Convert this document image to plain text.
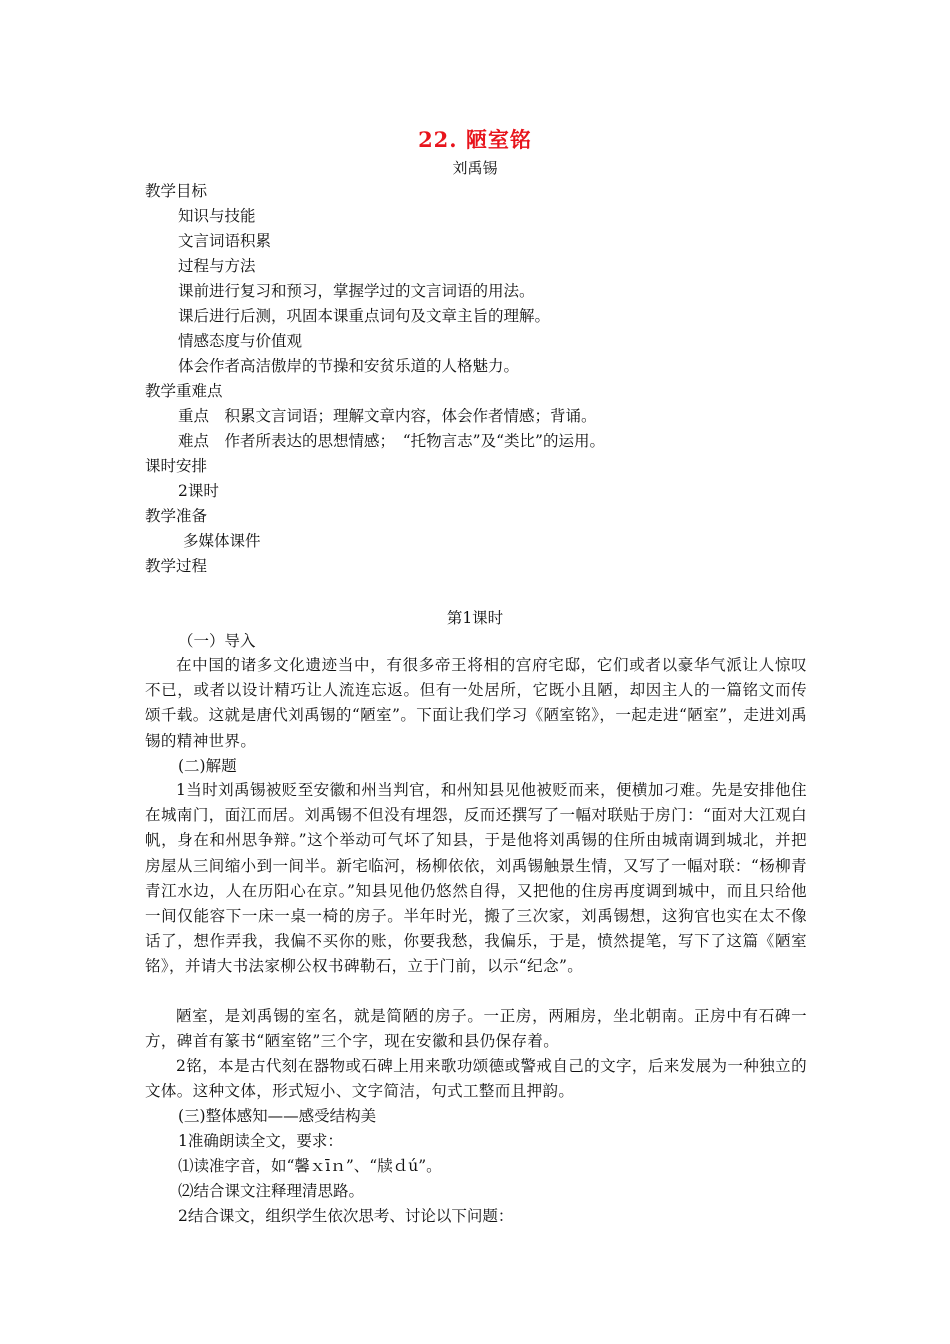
22. 陋室铭
刘禹锡
教学目标
知识与技能
文言词语积累
过程与方法
课前进行复习和预习，掌握学过的文言词语的用法。
课后进行后测，巩固本课重点词句及文章主旨的理解。
情感态度与价值观
体会作者高洁傲岸的节操和安贫乐道的人格魅力。
教学重难点
重点　积累文言词语；理解文章内容，体会作者情感；背诵。
难点　作者所表达的思想情感；　“托物言志”及“类比”的运用。
课时安排
2课时
教学准备
多媒体课件
教学过程
第1课时
（一）导入
在中国的诸多文化遗迹当中，有很多帝王将相的宫府宅邸，它们或者以豪华气派让人惊叹不已，或者以设计精巧让人流连忘返。但有一处居所，它既小且陋，却因主人的一篇铭文而传颂千载。这就是唐代刘禹锡的“陋室”。下面让我们学习《陋室铭》，一起走进“陋室”，走进刘禹锡的精神世界。
(二)解题
1当时刘禹锡被贬至安徽和州当判官，和州知县见他被贬而来，便横加刁难。先是安排他住在城南门，面江而居。刘禹锡不但没有埋怨，反而还撰写了一幅对联贴于房门：“面对大江观白帆，身在和州思争辩。”这个举动可气坏了知县，于是他将刘禹锡的住所由城南调到城北，并把房屋从三间缩小到一间半。新宅临河，杨柳依依，刘禹锡触景生情，又写了一幅对联：“杨柳青青江水边，人在历阳心在京。”知县见他仍悠然自得，又把他的住房再度调到城中，而且只给他一间仅能容下一床一桌一椅的房子。半年时光，搬了三次家，刘禹锡想，这狗官也实在太不像话了，想作弄我，我偏不买你的账，你要我愁，我偏乐，于是，愤然提笔，写下了这篇《陋室铭》，并请大书法家柳公权书碑勒石，立于门前，以示“纪念”。
陋室，是刘禹锡的室名，就是简陋的房子。一正房，两厢房，坐北朝南。正房中有石碑一方，碑首有篆书“陋室铭”三个字，现在安徽和县仍保存着。
2铭，本是古代刻在器物或石碑上用来歌功颂德或警戒自己的文字，后来发展为一种独立的文体。这种文体，形式短小、文字简洁，句式工整而且押韵。
(三)整体感知——感受结构美
1准确朗读全文，要求：
⑴读准字音，如“馨ｘīｎ”、“牍ｄú”。
⑵结合课文注释理清思路。
2结合课文，组织学生依次思考、讨论以下问题：
